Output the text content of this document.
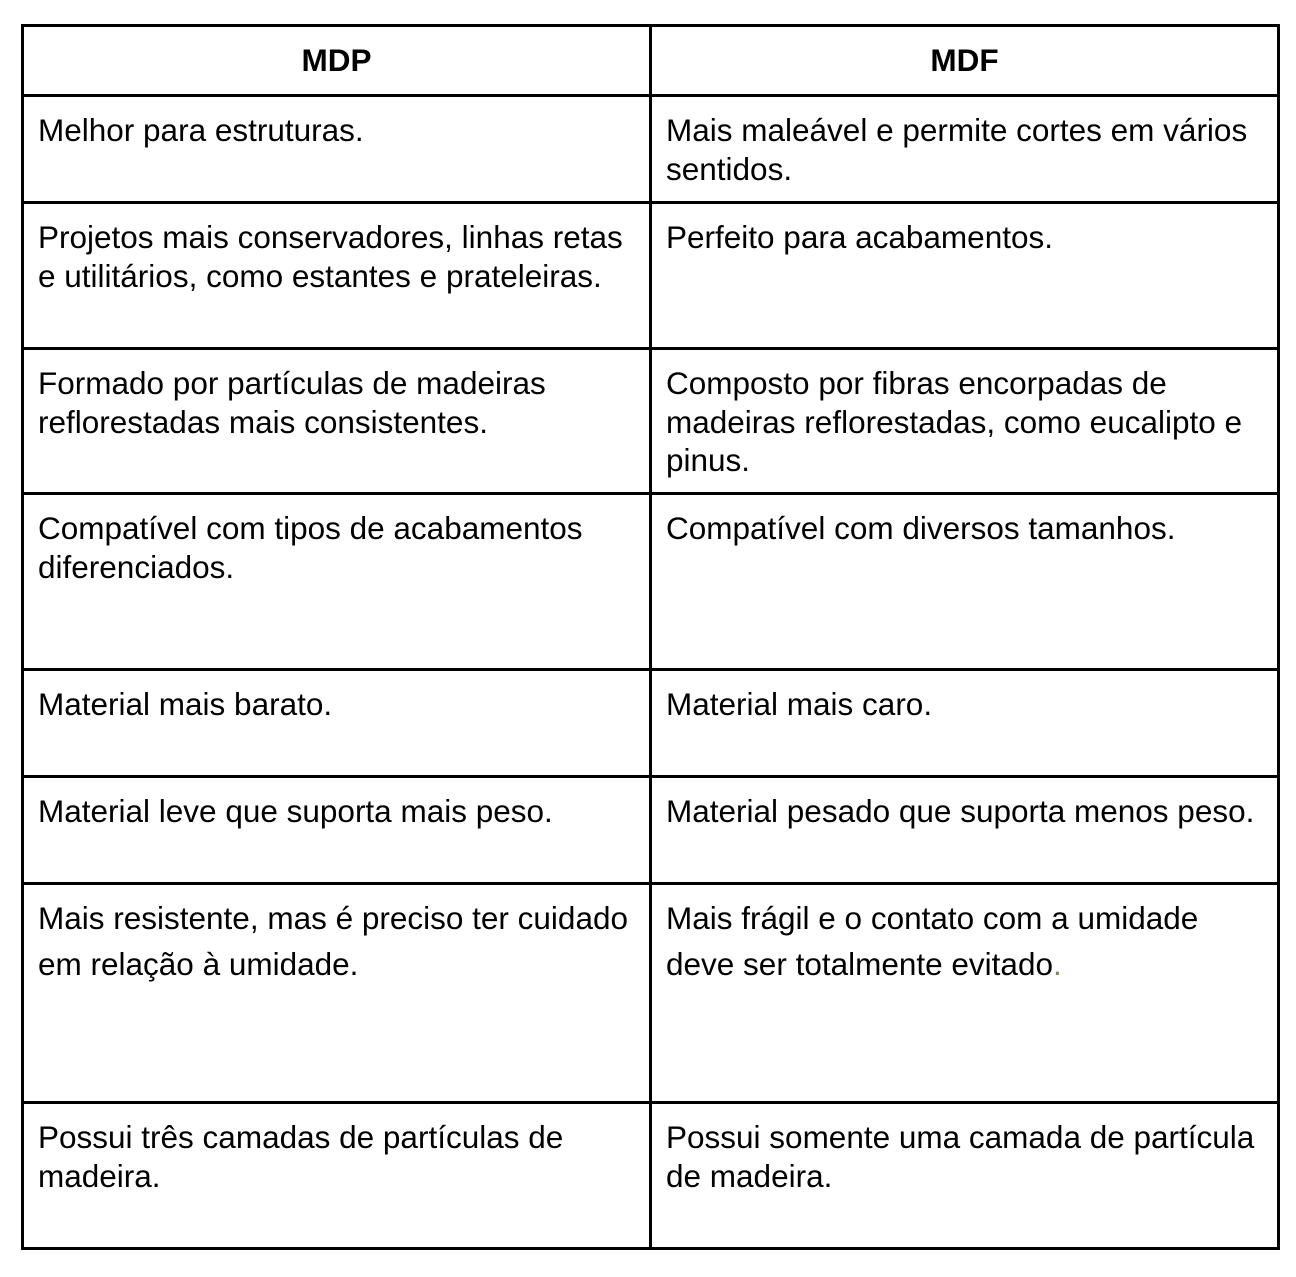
MDP	MDF
Melhor para estruturas.	Mais maleável e permite cortes em vários sentidos.
Projetos mais conservadores, linhas retas e utilitários, como estantes e prateleiras.	Perfeito para acabamentos.
Formado por partículas de madeiras reflorestadas mais consistentes.	Composto por fibras encorpadas de madeiras reflorestadas, como eucalipto e pinus.
Compatível com tipos de acabamentos diferenciados.	Compatível com diversos tamanhos.
Material mais barato.	Material mais caro.
Material leve que suporta mais peso.	Material pesado que suporta menos peso.
Mais resistente, mas é preciso ter cuidado em relação à umidade.	Mais frágil e o contato com a umidade deve ser totalmente evitado.
Possui três camadas de partículas de madeira.	Possui somente uma camada de partícula de madeira.
